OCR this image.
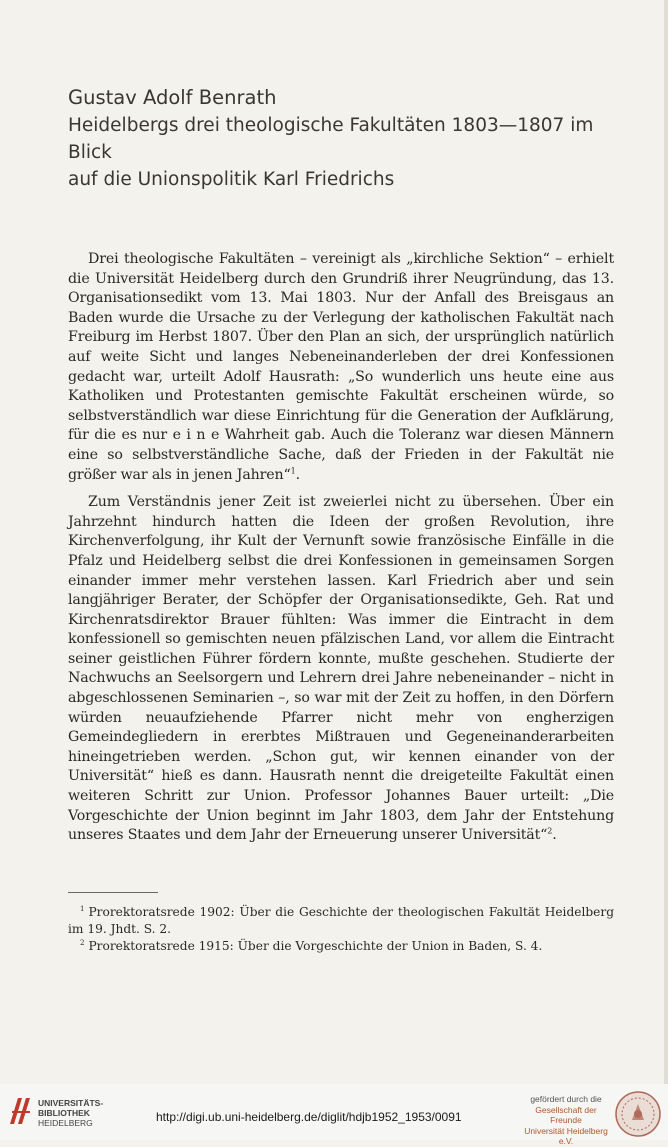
Gustav Adolf Benrath
Heidelbergs drei theologische Fakultäten 1803—1807 im Blick
auf die Unionspolitik Karl Friedrichs

Drei theologische Fakultäten – vereinigt als „kirchliche Sektion“ – erhielt die Universität Heidelberg durch den Grundriß ihrer Neugründung, das 13. Organisationsedikt vom 13. Mai 1803. Nur der Anfall des Breisgaus an Baden wurde die Ursache zu der Verlegung der katholischen Fakultät nach Freiburg im Herbst 1807. Über den Plan an sich, der ursprünglich natürlich auf weite Sicht und langes Nebeneinanderleben der drei Konfessionen gedacht war, urteilt Adolf Hausrath: „So wunderlich uns heute eine aus Katholiken und Protestanten gemischte Fakultät erscheinen würde, so selbstverständlich war diese Einrichtung für die Generation der Aufklärung, für die es nur e i n e Wahrheit gab. Auch die Toleranz war diesen Männern eine so selbstverständliche Sache, daß der Frieden in der Fakultät nie größer war als in jenen Jahren“$^1$.

Zum Verständnis jener Zeit ist zweierlei nicht zu übersehen. Über ein Jahrzehnt hindurch hatten die Ideen der großen Revolution, ihre Kirchenverfolgung, ihr Kult der Vernunft sowie französische Einfälle in die Pfalz und Heidelberg selbst die drei Konfessionen in gemeinsamen Sorgen einander immer mehr verstehen lassen. Karl Friedrich aber und sein langjähriger Berater, der Schöpfer der Organisationsedikte, Geh. Rat und Kirchenratsdirektor Brauer fühlten: Was immer die Eintracht in dem konfessionell so gemischten neuen pfälzischen Land, vor allem die Eintracht seiner geistlichen Führer fördern konnte, mußte geschehen. Studierte der Nachwuchs an Seelsorgern und Lehrern drei Jahre nebeneinander – nicht in abgeschlossenen Seminarien –, so war mit der Zeit zu hoffen, in den Dörfern würden neuaufziehende Pfarrer nicht mehr von engherzigen Gemeindegliedern in ererbtes Mißtrauen und Gegeneinanderarbeiten hineingetrieben werden. „Schon gut, wir kennen einander von der Universität“ hieß es dann. Hausrath nennt die dreigeteilte Fakultät einen weiteren Schritt zur Union. Professor Johannes Bauer urteilt: „Die Vorgeschichte der Union beginnt im Jahr 1803, dem Jahr der Entstehung unseres Staates und dem Jahr der Erneuerung unserer Universität“$^2$.

$^1$ Prorektoratsrede 1902: Über die Geschichte der theologischen Fakultät Heidelberg im 19. Jhdt. S. 2.

$^2$ Prorektoratsrede 1915: Über die Vorgeschichte der Union in Baden, S. 4.

UNIVERSITÄTS-
BIBLIOTHEK
HEIDELBERG	http://digi.ub.uni-heidelberg.de/diglit/hdjb1952_1953/0091
gefördert durch die
Gesellschaft der Freunde
Universität Heidelberg e.V.
